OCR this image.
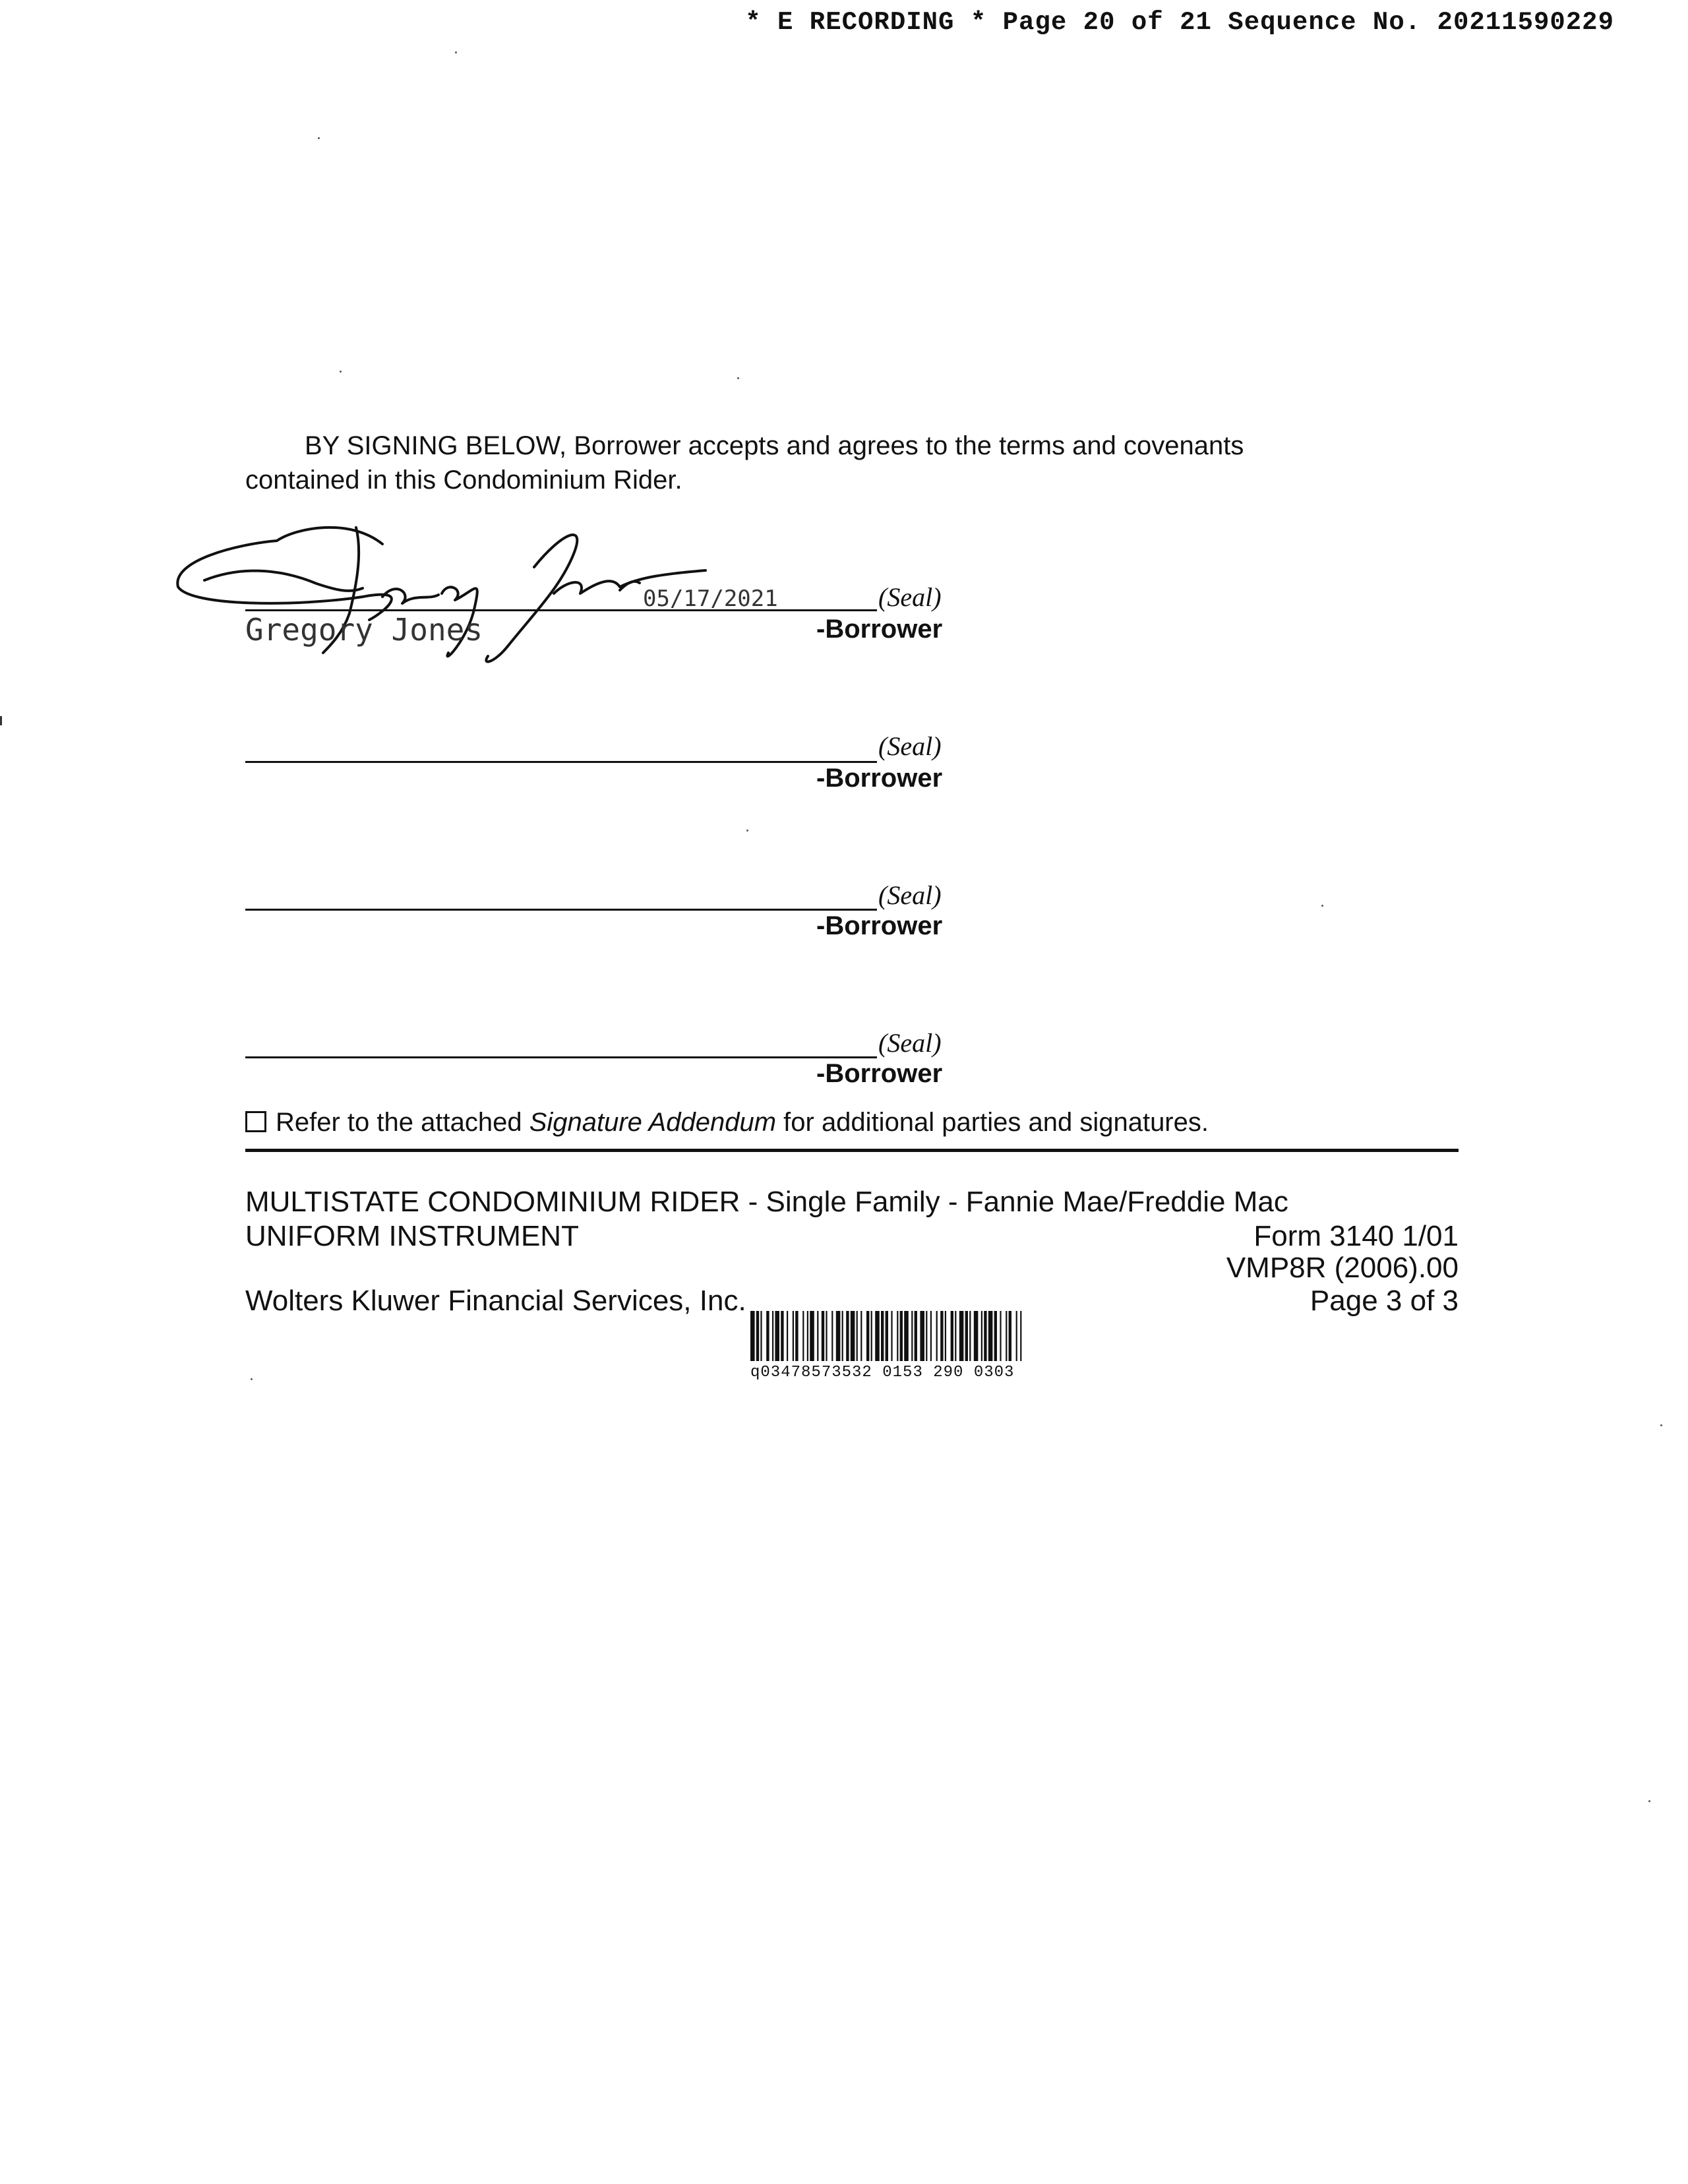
* E RECORDING * Page 20 of 21 Sequence No. 20211590229
BY SIGNING BELOW, Borrower accepts and agrees to the terms and covenants
contained in this Condominium Rider.
05/17/2021	(Seal)
Gregory Jones	-Borrower
(Seal)
-Borrower
(Seal)
-Borrower
(Seal)
-Borrower
Refer to the attached Signature Addendum for additional parties and signatures.
MULTISTATE CONDOMINIUM RIDER - Single Family - Fannie Mae/Freddie Mac
UNIFORM INSTRUMENT	Form 3140 1/01
VMP8R (2006).00
Wolters Kluwer Financial Services, Inc.	Page 3 of 3
q03478573532 0153 290 0303
